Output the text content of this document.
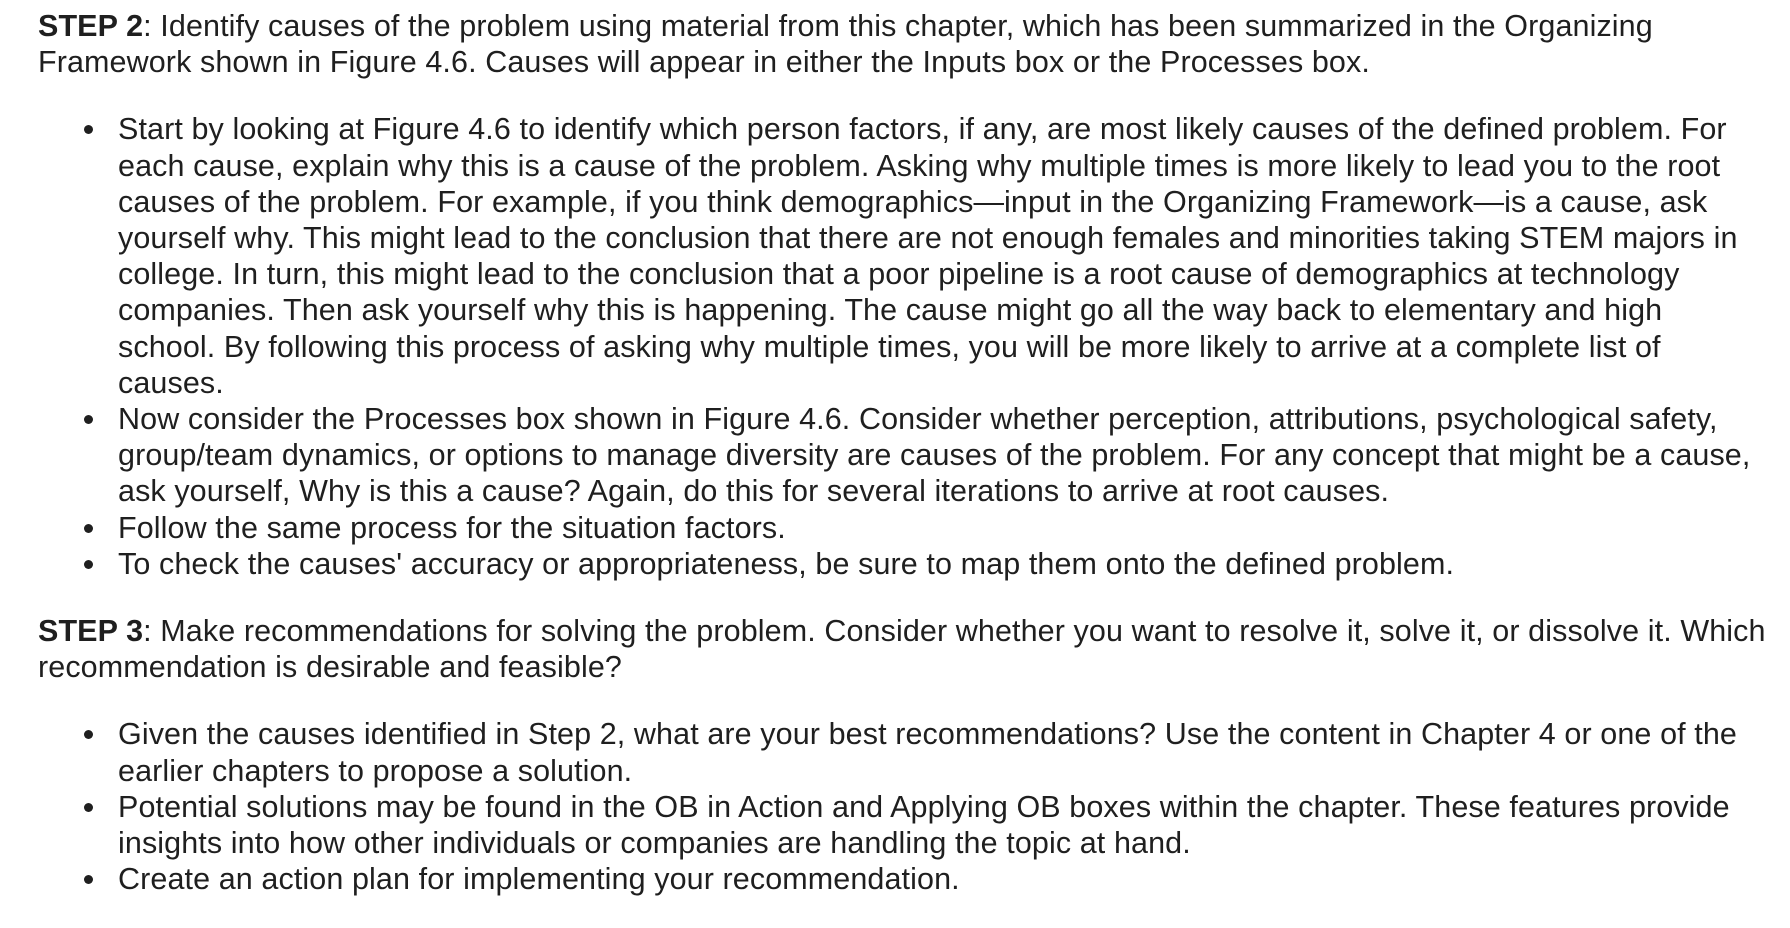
STEP 2: Identify causes of the problem using material from this chapter, which has been summarized in the Organizing Framework shown in Figure 4.6. Causes will appear in either the Inputs box or the Processes box.

Start by looking at Figure 4.6 to identify which person factors, if any, are most likely causes of the defined problem. For each cause, explain why this is a cause of the problem. Asking why multiple times is more likely to lead you to the root causes of the problem. For example, if you think demographics—input in the Organizing Framework—is a cause, ask yourself why. This might lead to the conclusion that there are not enough females and minorities taking STEM majors in college. In turn, this might lead to the conclusion that a poor pipeline is a root cause of demographics at technology companies. Then ask yourself why this is happening. The cause might go all the way back to elementary and high school. By following this process of asking why multiple times, you will be more likely to arrive at a complete list of causes.
Now consider the Processes box shown in Figure 4.6. Consider whether perception, attributions, psychological safety, group/team dynamics, or options to manage diversity are causes of the problem. For any concept that might be a cause, ask yourself, Why is this a cause? Again, do this for several iterations to arrive at root causes.
Follow the same process for the situation factors.
To check the causes' accuracy or appropriateness, be sure to map them onto the defined problem.

STEP 3: Make recommendations for solving the problem. Consider whether you want to resolve it, solve it, or dissolve it. Which recommendation is desirable and feasible?

Given the causes identified in Step 2, what are your best recommendations? Use the content in Chapter 4 or one of the earlier chapters to propose a solution.
Potential solutions may be found in the OB in Action and Applying OB boxes within the chapter. These features provide insights into how other individuals or companies are handling the topic at hand.
Create an action plan for implementing your recommendation.
